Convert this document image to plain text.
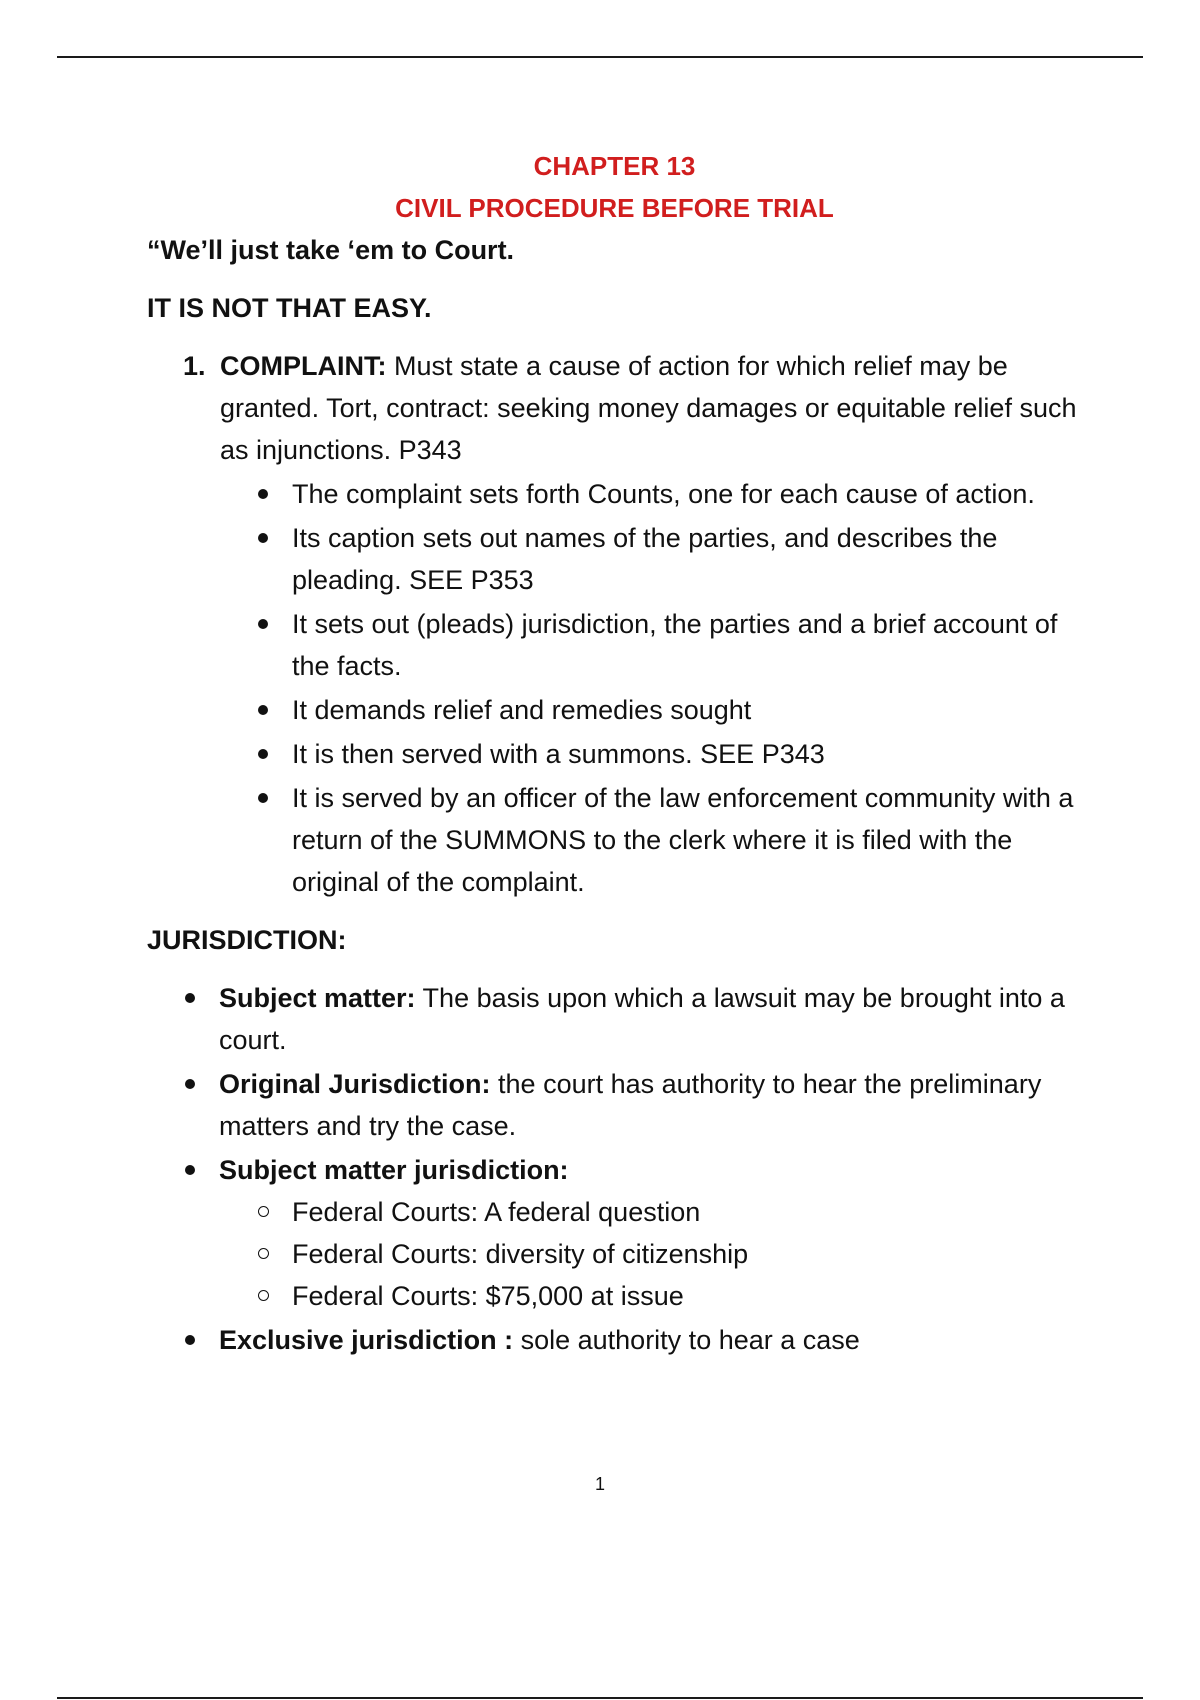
CHAPTER 13
CIVIL PROCEDURE BEFORE TRIAL

“We’ll just take ‘em to Court.

IT IS NOT THAT EASY.

1. COMPLAINT: Must state a cause of action for which relief may be granted. Tort, contract: seeking money damages or equitable relief such as injunctions. P343
The complaint sets forth Counts, one for each cause of action.
Its caption sets out names of the parties, and describes the pleading. SEE P353
It sets out (pleads) jurisdiction, the parties and a brief account of the facts.
It demands relief and remedies sought
It is then served with a summons. SEE P343
It is served by an officer of the law enforcement community with a return of the SUMMONS to the clerk where it is filed with the original of the complaint.

JURISDICTION:

Subject matter: The basis upon which a lawsuit may be brought into a court.
Original Jurisdiction: the court has authority to hear the preliminary matters and try the case.
Subject matter jurisdiction:
Federal Courts: A federal question
Federal Courts: diversity of citizenship
Federal Courts: $75,000 at issue
Exclusive jurisdiction : sole authority to hear a case
1
